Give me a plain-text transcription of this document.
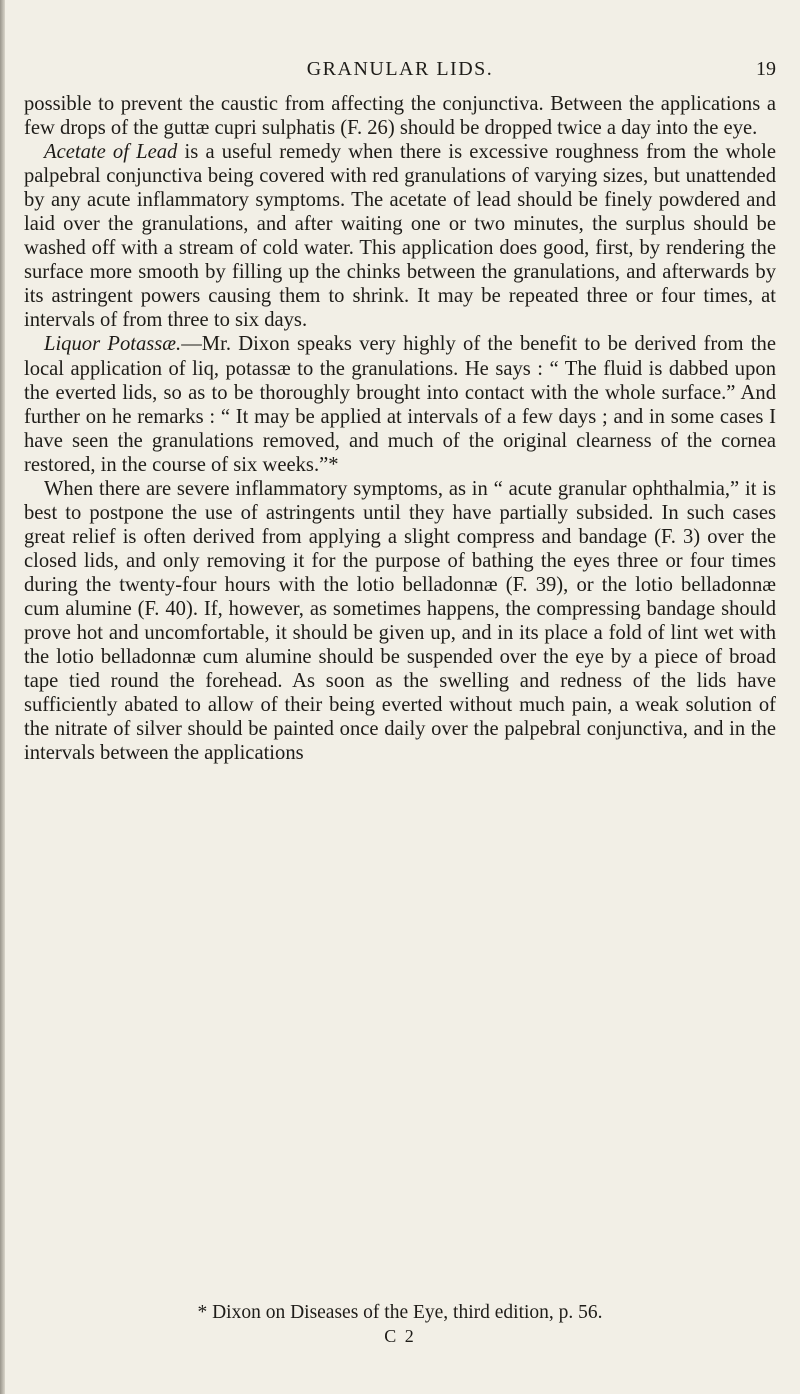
GRANULAR LIDS.	19

possible to prevent the caustic from affecting the conjunctiva. Between the applications a few drops of the guttæ cupri sulphatis (F. 26) should be dropped twice a day into the eye.

Acetate of Lead is a useful remedy when there is excessive roughness from the whole palpebral conjunctiva being covered with red granulations of varying sizes, but unattended by any acute inflammatory symptoms. The acetate of lead should be finely powdered and laid over the granulations, and after waiting one or two minutes, the surplus should be washed off with a stream of cold water. This application does good, first, by rendering the surface more smooth by filling up the chinks between the granulations, and afterwards by its astringent powers causing them to shrink. It may be repeated three or four times, at intervals of from three to six days.

Liquor Potassæ.—Mr. Dixon speaks very highly of the benefit to be derived from the local application of liq, potassæ to the granulations. He says : “ The fluid is dabbed upon the everted lids, so as to be thoroughly brought into contact with the whole surface.” And further on he remarks : “ It may be applied at intervals of a few days ; and in some cases I have seen the granulations removed, and much of the original clearness of the cornea restored, in the course of six weeks.”*

When there are severe inflammatory symptoms, as in “ acute granular ophthalmia,” it is best to postpone the use of astringents until they have partially subsided. In such cases great relief is often derived from applying a slight compress and bandage (F. 3) over the closed lids, and only removing it for the purpose of bathing the eyes three or four times during the twenty-four hours with the lotio belladonnæ (F. 39), or the lotio belladonnæ cum alumine (F. 40). If, however, as sometimes happens, the compressing bandage should prove hot and uncomfortable, it should be given up, and in its place a fold of lint wet with the lotio belladonnæ cum alumine should be suspended over the eye by a piece of broad tape tied round the forehead. As soon as the swelling and redness of the lids have sufficiently abated to allow of their being everted without much pain, a weak solution of the nitrate of silver should be painted once daily over the palpebral conjunctiva, and in the intervals between the applications

* Dixon on Diseases of the Eye, third edition, p. 56.
C 2
